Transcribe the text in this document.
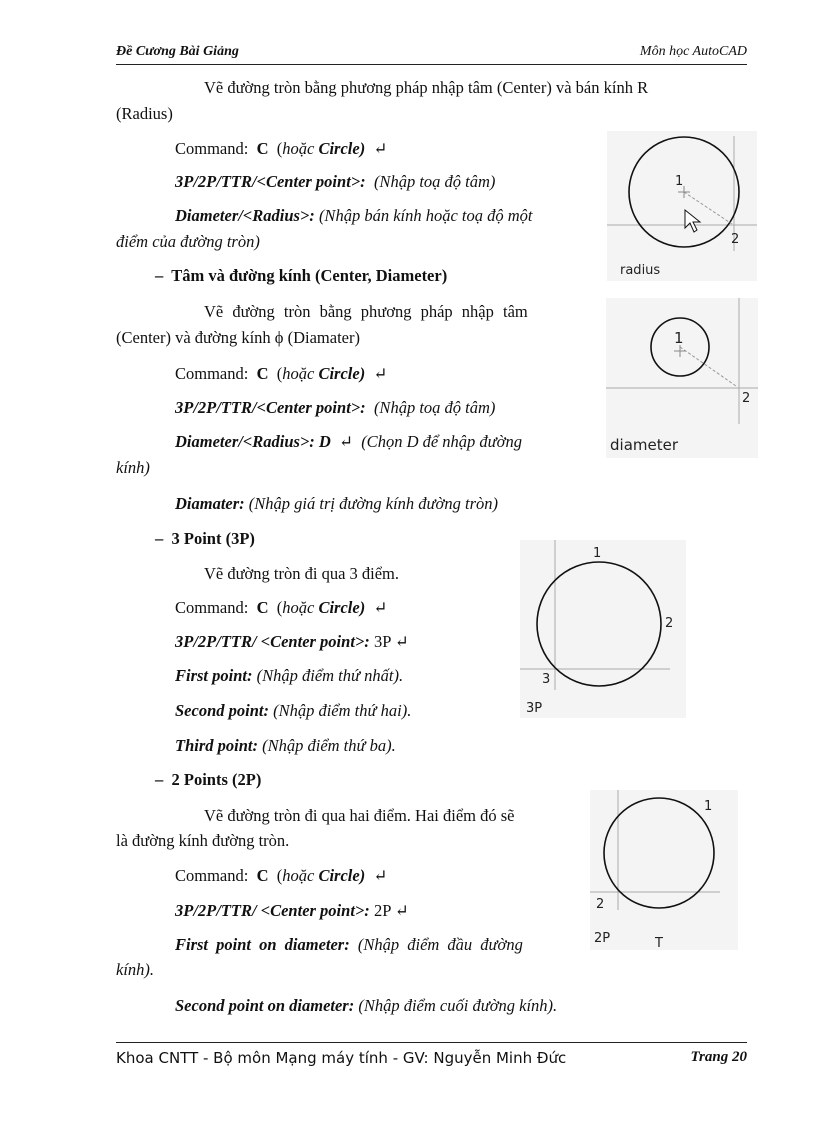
Đề Cương Bài Giảng	Môn học AutoCAD
Vẽ đường tròn bằng phương pháp nhập tâm (Center) và bán kính R
(Radius)
Command: C (hoặc Circle) ↵
3P/2P/TTR/<Center point>: (Nhập toạ độ tâm)
Diameter/<Radius>: (Nhập bán kính hoặc toạ độ một
điểm của đường tròn)
– Tâm và đường kính (Center, Diameter)
Vẽ đường tròn bằng phương pháp nhập tâm
(Center) và đường kính ϕ (Diamater)
Command: C (hoặc Circle) ↵
3P/2P/TTR/<Center point>: (Nhập toạ độ tâm)
Diameter/<Radius>: D ↵ (Chọn D để nhập đường
kính)
Diamater: (Nhập giá trị đường kính đường tròn)
– 3 Point (3P)
Vẽ đường tròn đi qua 3 điểm.
Command: C (hoặc Circle) ↵
3P/2P/TTR/ <Center point>: 3P ↵
First point: (Nhập điểm thứ nhất).
Second point: (Nhập điểm thứ hai).
Third point: (Nhập điểm thứ ba).
– 2 Points (2P)
Vẽ đường tròn đi qua hai điểm. Hai điểm đó sẽ
là đường kính đường tròn.
Command: C (hoặc Circle) ↵
3P/2P/TTR/ <Center point>: 2P ↵
First point on diameter: (Nhập điểm đầu đường
kính).
Second point on diameter: (Nhập điểm cuối đường kính).
1
2
radius
1
2
diameter
1
2
3
3P
1
2
2P	T
Khoa CNTT - Bộ môn Mạng máy tính - GV: Nguyễn Minh Đức	Trang 20
